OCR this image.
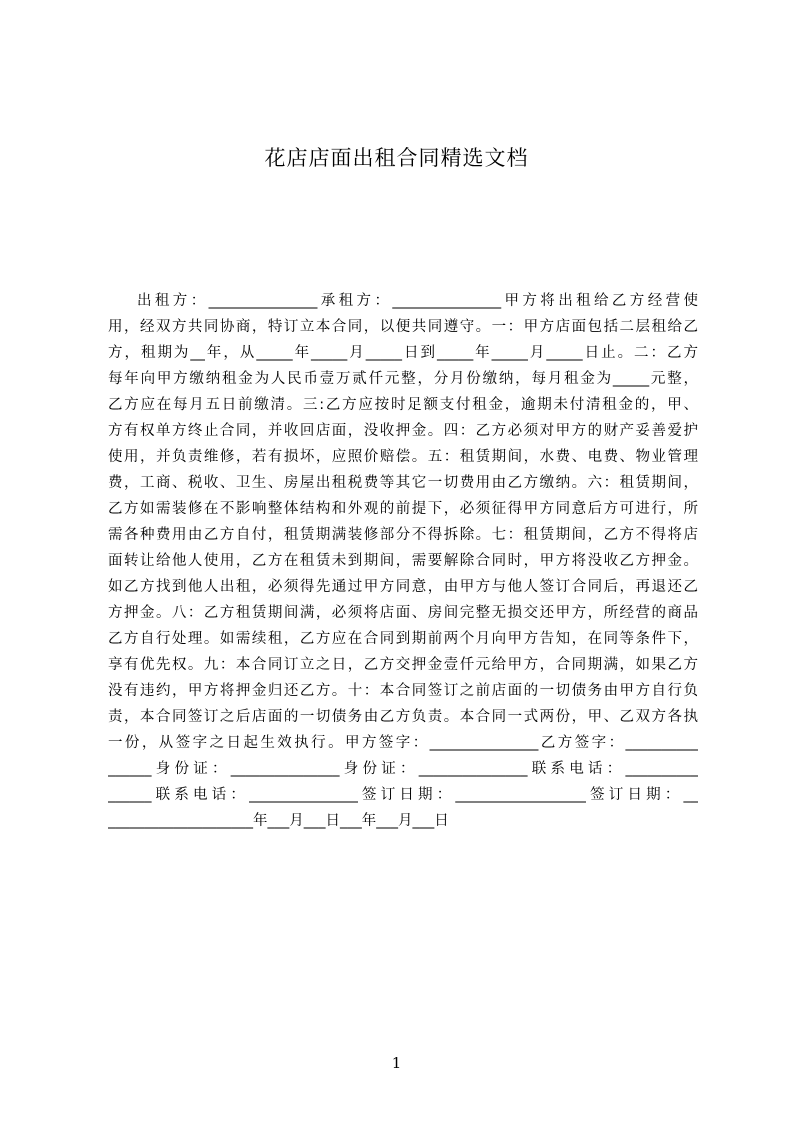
花店店面出租合同精选文档
出租方：_______________承租方：_______________甲方将出租给乙方经营使
用，经双方共同协商，特订立本合同，以便共同遵守。一：甲方店面包括二层租给乙
方，租期为__年，从_____年_____月_____日到_____年_____月_____日止。二：乙方
每年向甲方缴纳租金为人民币壹万贰仟元整，分月份缴纳，每月租金为_____元整，
乙方应在每月五日前缴清。三:乙方应按时足额支付租金，逾期未付清租金的，甲、
方有权单方终止合同，并收回店面，没收押金。四：乙方必须对甲方的财产妥善爱护
使用，并负责维修，若有损坏，应照价赔偿。五：租赁期间，水费、电费、物业管理
费，工商、税收、卫生、房屋出租税费等其它一切费用由乙方缴纳。六：租赁期间，
乙方如需装修在不影响整体结构和外观的前提下，必须征得甲方同意后方可进行，所
需各种费用由乙方自付，租赁期满装修部分不得拆除。七：租赁期间，乙方不得将店
面转让给他人使用，乙方在租赁未到期间，需要解除合同时，甲方将没收乙方押金。
如乙方找到他人出租，必须得先通过甲方同意，由甲方与他人签订合同后，再退还乙
方押金。八：乙方租赁期间满，必须将店面、房间完整无损交还甲方，所经营的商品
乙方自行处理。如需续租，乙方应在合同到期前两个月向甲方告知，在同等条件下，
享有优先权。九：本合同订立之日，乙方交押金壹仟元给甲方，合同期满，如果乙方
没有违约，甲方将押金归还乙方。十：本合同签订之前店面的一切债务由甲方自行负
责，本合同签订之后店面的一切债务由乙方负责。本合同一式两份，甲、乙双方各执
一份，从签字之日起生效执行。甲方签字：_______________乙方签字：__________
______身份证：_______________身份证：_______________联系电话：__________
______联系电话：_______________签订日期：__________________签订日期：__
____________________年___月___日___年___月___日
1
